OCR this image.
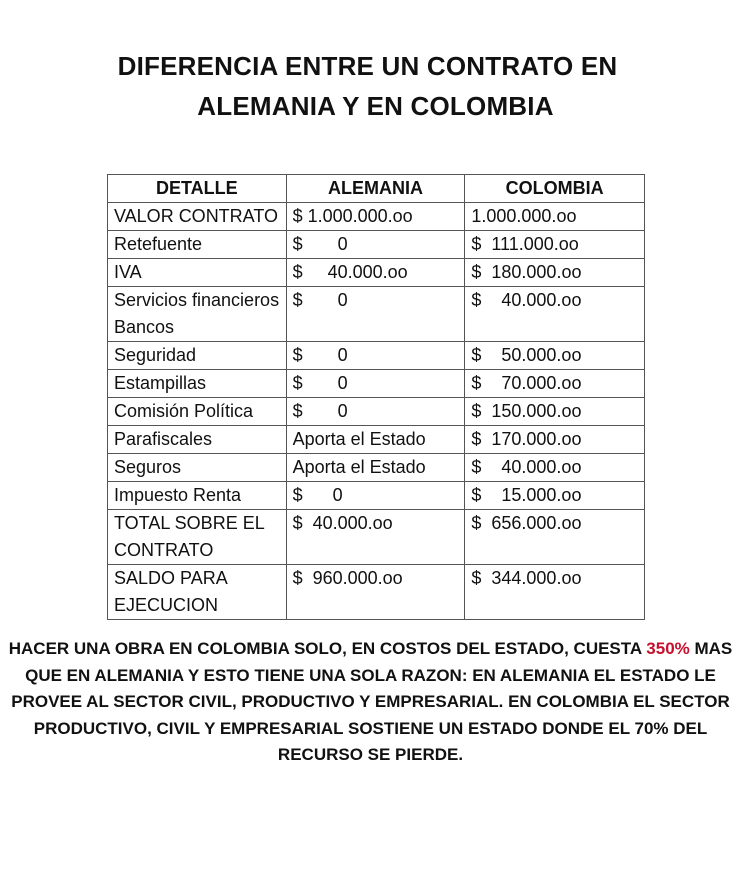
DIFERENCIA ENTRE UN CONTRATO EN
ALEMANIA Y EN COLOMBIA
DETALLE	ALEMANIA	COLOMBIA
VALOR CONTRATO	$ 1.000.000.oo	1.000.000.oo
Retefuente	$       0	$  111.000.oo
IVA	$     40.000.oo	$  180.000.oo
Servicios financieros Bancos	$       0	$    40.000.oo
Seguridad	$       0	$    50.000.oo
Estampillas	$       0	$    70.000.oo
Comisión Política	$       0	$  150.000.oo
Parafiscales	Aporta el Estado	$  170.000.oo
Seguros	Aporta el Estado	$    40.000.oo
Impuesto Renta	$      0	$    15.000.oo
TOTAL SOBRE EL CONTRATO	$  40.000.oo	$  656.000.oo
SALDO PARA EJECUCION	$  960.000.oo	$  344.000.oo
HACER UNA OBRA EN COLOMBIA SOLO, EN COSTOS DEL ESTADO, CUESTA 350% MAS QUE EN ALEMANIA Y ESTO TIENE UNA SOLA RAZON: EN ALEMANIA EL ESTADO LE PROVEE AL SECTOR CIVIL, PRODUCTIVO Y EMPRESARIAL. EN COLOMBIA EL SECTOR PRODUCTIVO, CIVIL Y EMPRESARIAL SOSTIENE UN ESTADO DONDE EL 70% DEL RECURSO SE PIERDE.
